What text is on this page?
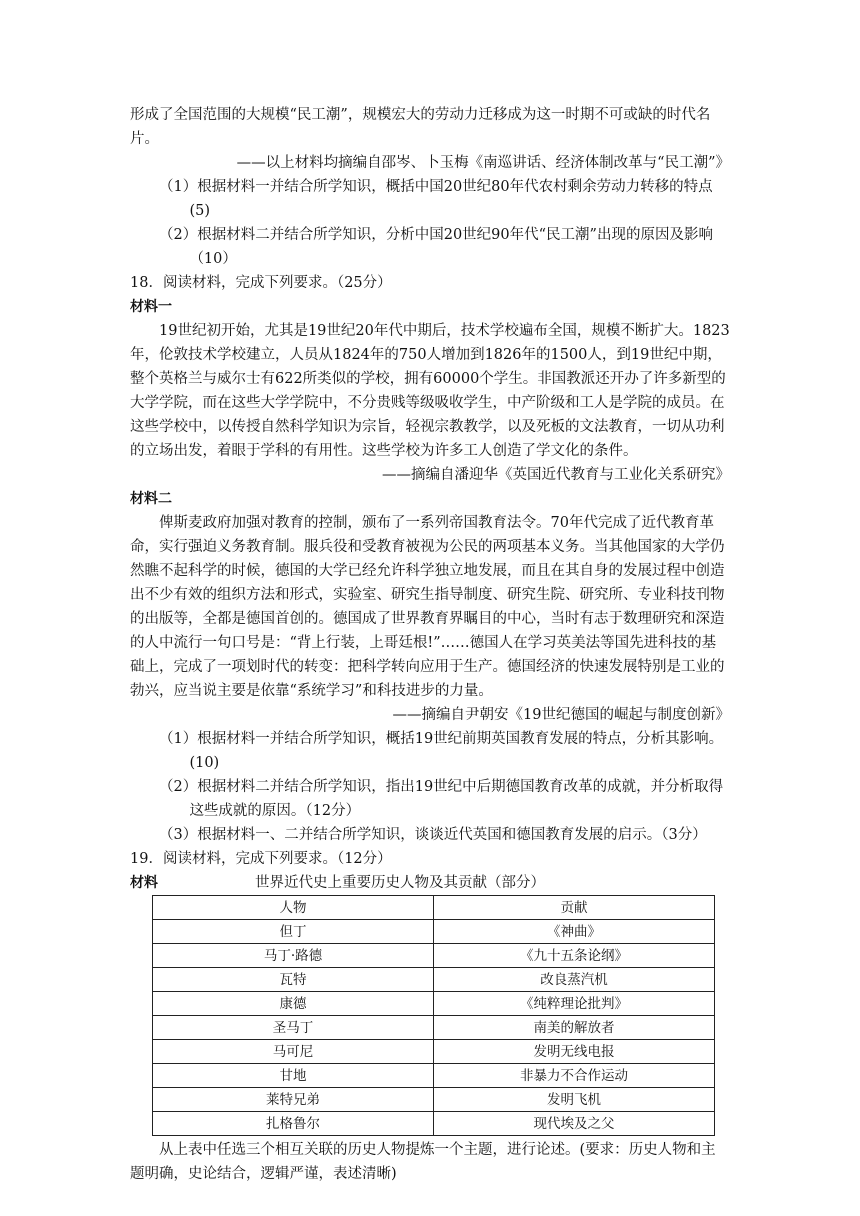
形成了全国范围的大规模“民工潮”，规模宏大的劳动力迁移成为这一时期不可或缺的时代名片。

——以上材料均摘编自邵岑、卜玉梅《南巡讲话、经济体制改革与“民工潮”》

（1）根据材料一并结合所学知识，概括中国20世纪80年代农村剩余劳动力转移的特点(5)

（2）根据材料二并结合所学知识，分析中国20世纪90年代“民工潮”出现的原因及影响（10）

18．阅读材料，完成下列要求。（25分）

材料一

19世纪初开始，尤其是19世纪20年代中期后，技术学校遍布全国，规模不断扩大。1823年，伦敦技术学校建立，人员从1824年的750人增加到1826年的1500人，到19世纪中期，整个英格兰与威尔士有622所类似的学校，拥有60000个学生。非国教派还开办了许多新型的大学学院，而在这些大学学院中，不分贵贱等级吸收学生，中产阶级和工人是学院的成员。在这些学校中，以传授自然科学知识为宗旨，轻视宗教教学，以及死板的文法教育，一切从功利的立场出发，着眼于学科的有用性。这些学校为许多工人创造了学文化的条件。

——摘编自潘迎华《英国近代教育与工业化关系研究》

材料二

俾斯麦政府加强对教育的控制，颁布了一系列帝国教育法令。70年代完成了近代教育革命，实行强迫义务教育制。服兵役和受教育被视为公民的两项基本义务。当其他国家的大学仍然瞧不起科学的时候，德国的大学已经允许科学独立地发展，而且在其自身的发展过程中创造出不少有效的组织方法和形式，实验室、研究生指导制度、研究生院、研究所、专业科技刊物的出版等，全都是德国首创的。德国成了世界教育界瞩目的中心，当时有志于数理研究和深造的人中流行一句口号是：“背上行装，上哥廷根!”……德国人在学习英美法等国先进科技的基础上，完成了一项划时代的转变：把科学转向应用于生产。德国经济的快速发展特别是工业的勃兴，应当说主要是依靠“系统学习”和科技进步的力量。

——摘编自尹朝安《19世纪德国的崛起与制度创新》

（1）根据材料一并结合所学知识，概括19世纪前期英国教育发展的特点，分析其影响。(10)

（2）根据材料二并结合所学知识，指出19世纪中后期德国教育改革的成就，并分析取得这些成就的原因。（12分）

（3）根据材料一、二并结合所学知识，谈谈近代英国和德国教育发展的启示。（3分）

19．阅读材料，完成下列要求。（12分）

材料	世界近代史上重要历史人物及其贡献（部分）
人物	贡献
但丁	《神曲》
马丁·路德	《九十五条论纲》
瓦特	改良蒸汽机
康德	《纯粹理论批判》
圣马丁	南美的解放者
马可尼	发明无线电报
甘地	非暴力不合作运动
莱特兄弟	发明飞机
扎格鲁尔	现代埃及之父

从上表中任选三个相互关联的历史人物提炼一个主题，进行论述。(要求：历史人物和主题明确，史论结合，逻辑严谨，表述清晰)
